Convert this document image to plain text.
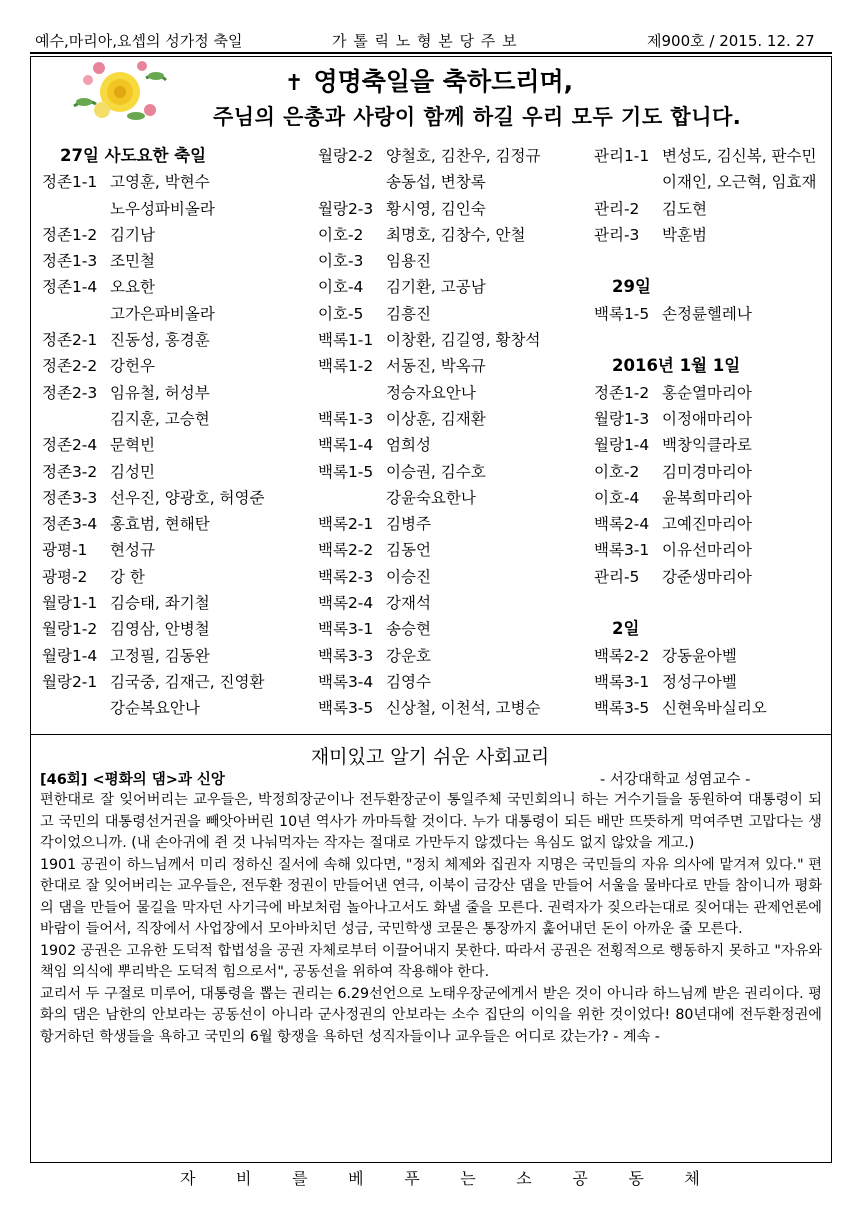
예수,마리아,요셉의 성가정 축일	가 톨 릭 노 형 본 당 주 보	제900호 / 2015. 12. 27
✝ 영명축일을 축하드리며,
주님의 은총과 사랑이 함께 하길 우리 모두 기도 합니다.
27일 사도요한 축일
정존1-1 고영훈, 박현수
노우성파비올라
정존1-2 김기남
정존1-3 조민철
정존1-4 오요한
고가은파비올라
정존2-1 진동성, 홍경훈
정존2-2 강헌우
정존2-3 임유철, 허성부
김지훈, 고승현
정존2-4 문혁빈
정존3-2 김성민
정존3-3 선우진, 양광호, 허영준
정존3-4 홍효범, 현해탄
광평-1 현성규
광평-2 강 한
월랑1-1 김승태, 좌기철
월랑1-2 김영삼, 안병철
월랑1-4 고정필, 김동완
월랑2-1 김국중, 김재근, 진영환
강순복요안나
월랑2-2 양철호, 김찬우, 김정규
송동섭, 변창록
월랑2-3 황시영, 김인숙
이호-2 최명호, 김창수, 안철
이호-3 임용진
이호-4 김기환, 고공남
이호-5 김흥진
백록1-1 이창환, 김길영, 황창석
백록1-2 서동진, 박옥규
정승자요안나
백록1-3 이상훈, 김재환
백록1-4 엄희성
백록1-5 이승권, 김수호
강윤숙요한나
백록2-1 김병주
백록2-2 김동언
백록2-3 이승진
백록2-4 강재석
백록3-1 송승현
백록3-3 강운호
백록3-4 김영수
백록3-5 신상철, 이천석, 고병순
관리1-1 변성도, 김신복, 판수민
이재인, 오근혁, 임효재
관리-2 김도현
관리-3 박훈범
29일
백록1-5 손정륜헬레나
2016년 1월 1일
정존1-2 홍순열마리아
월랑1-3 이정애마리아
월랑1-4 백창익클라로
이호-2 김미경마리아
이호-4 윤복희마리아
백록2-4 고예진마리아
백록3-1 이유선마리아
관리-5 강준생마리아
2일
백록2-2 강동윤아벨
백록3-1 정성구아벨
백록3-5 신현욱바실리오
재미있고 알기 쉬운 사회교리
[46회] <평화의 댐>과 신앙	- 서강대학교 성염교수 -

편한대로 잘 잊어버리는 교우들은, 박정희장군이나 전두환장군이 통일주체 국민회의니 하는 거수기들을 동원하여 대통령이 되고 국민의 대통령선거권을 빼앗아버린 10년 역사가 까마득할 것이다. 누가 대통령이 되든 배만 뜨뜻하게 먹여주면 고맙다는 생각이었으니까. (내 손아귀에 쥔 것 나눠먹자는 작자는 절대로 가만두지 않겠다는 욕심도 없지 않았을 게고.)

1901 공권이 하느님께서 미리 정하신 질서에 속해 있다면, "정치 체제와 집권자 지명은 국민들의 자유 의사에 맡겨져 있다." 편한대로 잘 잊어버리는 교우들은, 전두환 정권이 만들어낸 연극, 이북이 금강산 댐을 만들어 서울을 물바다로 만들 참이니까 평화의 댐을 만들어 물길을 막자던 사기극에 바보처럼 놀아나고서도 화낼 줄을 모른다. 권력자가 짖으라는대로 짖어대는 관제언론에 바람이 들어서, 직장에서 사업장에서 모아바치던 성금, 국민학생 코묻은 통장까지 훑어내던 돈이 아까운 줄 모른다.

1902 공권은 고유한 도덕적 합법성을 공권 자체로부터 이끌어내지 못한다. 따라서 공권은 전횡적으로 행동하지 못하고 "자유와 책임 의식에 뿌리박은 도덕적 힘으로서", 공동선을 위하여 작용해야 한다.

교리서 두 구절로 미루어, 대통령을 뽑는 권리는 6.29선언으로 노태우장군에게서 받은 것이 아니라 하느님께 받은 권리이다. 평화의 댐은 남한의 안보라는 공동선이 아니라 군사정권의 안보라는 소수 집단의 이익을 위한 것이었다! 80년대에 전두환정권에 항거하던 학생들을 욕하고 국민의 6월 항쟁을 욕하던 성직자들이나 교우들은 어디로 갔는가? - 계속 -

자	비	를	베	푸	는	소	공	동	체
